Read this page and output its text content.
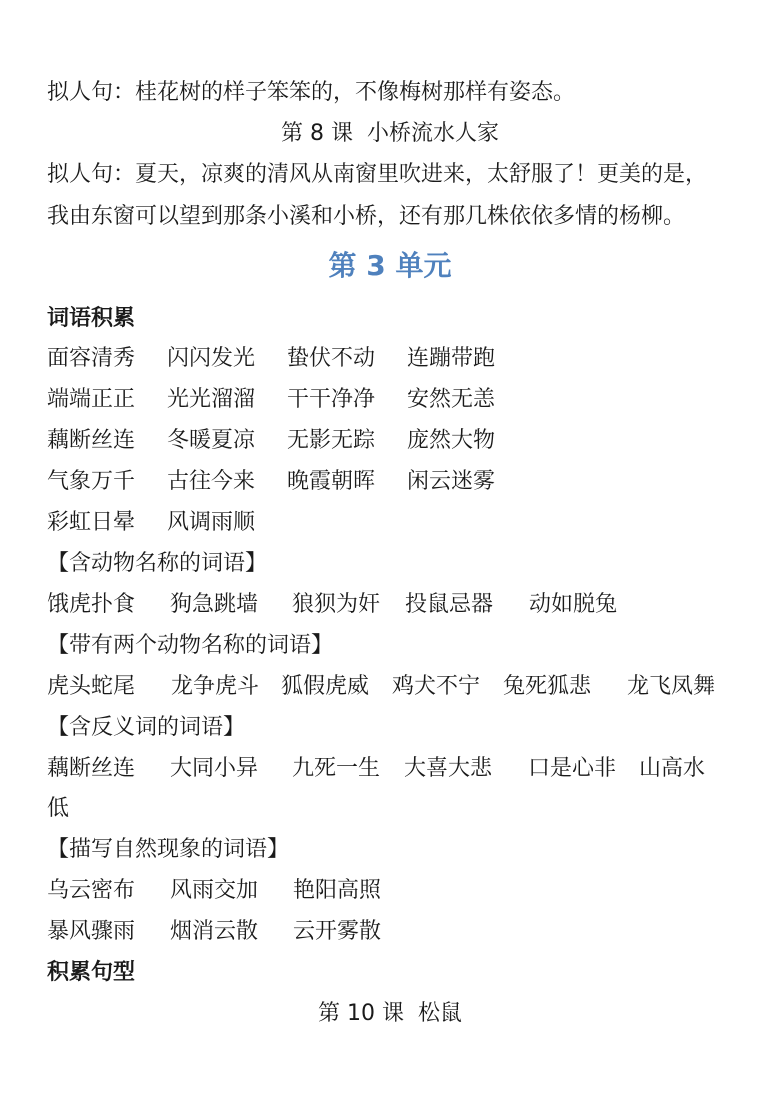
拟人句：桂花树的样子笨笨的，不像梅树那样有姿态。
第 8 课  小桥流水人家
拟人句：夏天，凉爽的清风从南窗里吹进来，太舒服了！更美的是，
我由东窗可以望到那条小溪和小桥，还有那几株依依多情的杨柳。
第 3 单元
词语积累
面容清秀 闪闪发光 蛰伏不动 连蹦带跑
端端正正 光光溜溜 干干净净 安然无恙
藕断丝连 冬暖夏凉 无影无踪 庞然大物
气象万千 古往今来 晚霞朝晖 闲云迷雾
彩虹日晕 风调雨顺
【含动物名称的词语】
饿虎扑食 狗急跳墙 狼狈为奸 投鼠忌器 动如脱兔
【带有两个动物名称的词语】
虎头蛇尾 龙争虎斗 狐假虎威 鸡犬不宁 兔死狐悲 龙飞凤舞
【含反义词的词语】
藕断丝连 大同小异 九死一生 大喜大悲 口是心非 山高水
低
【描写自然现象的词语】
乌云密布 风雨交加 艳阳高照
暴风骤雨 烟消云散 云开雾散
积累句型
第 10 课  松鼠
